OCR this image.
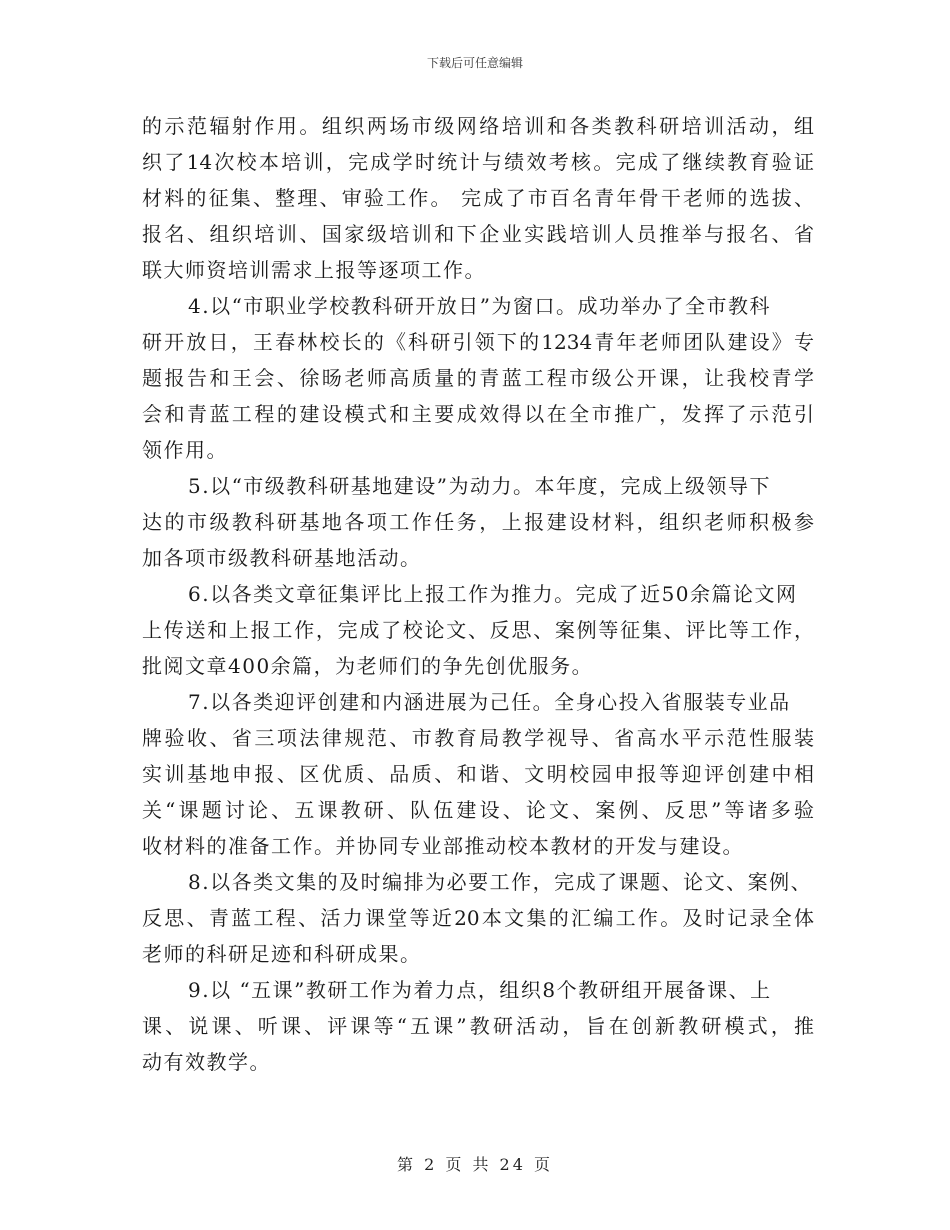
下载后可任意编辑
的示范辐射作用。组织两场市级网络培训和各类教科研培训活动，组
织了14次校本培训，完成学时统计与绩效考核。完成了继续教育验证
材料的征集、整理、审验工作。 完成了市百名青年骨干老师的选拔、
报名、组织培训、国家级培训和下企业实践培训人员推举与报名、省
联大师资培训需求上报等逐项工作。
4.以“市职业学校教科研开放日”为窗口。成功举办了全市教科
研开放日，王春林校长的《科研引领下的1234青年老师团队建设》专
题报告和王会、徐旸老师高质量的青蓝工程市级公开课，让我校青学
会和青蓝工程的建设模式和主要成效得以在全市推广，发挥了示范引
领作用。
5.以“市级教科研基地建设”为动力。本年度，完成上级领导下
达的市级教科研基地各项工作任务，上报建设材料，组织老师积极参
加各项市级教科研基地活动。
6.以各类文章征集评比上报工作为推力。完成了近50余篇论文网
上传送和上报工作，完成了校论文、反思、案例等征集、评比等工作，
批阅文章400余篇，为老师们的争先创优服务。
7.以各类迎评创建和内涵进展为己任。全身心投入省服装专业品
牌验收、省三项法律规范、市教育局教学视导、省高水平示范性服装
实训基地申报、区优质、品质、和谐、文明校园申报等迎评创建中相
关“课题讨论、五课教研、队伍建设、论文、案例、反思”等诸多验
收材料的准备工作。并协同专业部推动校本教材的开发与建设。
8.以各类文集的及时编排为必要工作，完成了课题、论文、案例、
反思、青蓝工程、活力课堂等近20本文集的汇编工作。及时记录全体
老师的科研足迹和科研成果。
9.以 “五课”教研工作为着力点，组织8个教研组开展备课、上
课、说课、听课、评课等“五课”教研活动，旨在创新教研模式，推
动有效教学。
第 2 页 共 24 页
